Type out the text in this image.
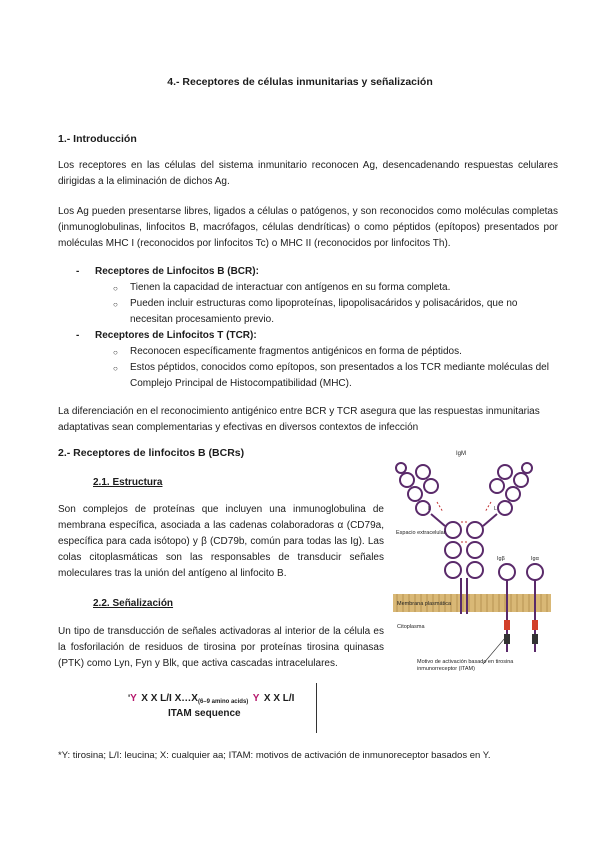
4.- Receptores de células inmunitarias y señalización
1.- Introducción
Los receptores en las células del sistema inmunitario reconocen Ag, desencadenando respuestas celulares dirigidas a la eliminación de dichos Ag.
Los Ag pueden presentarse libres, ligados a células o patógenos, y son reconocidos como moléculas completas (inmunoglobulinas, linfocitos B, macrófagos, células dendríticas) o como péptidos (epítopos) presentados por moléculas MHC I (reconocidos por linfocitos Tc) o MHC II (reconocidos por linfocitos Th).
- Receptores de Linfocitos B (BCR):
○ Tienen la capacidad de interactuar con antígenos en su forma completa.
○ Pueden incluir estructuras como lipoproteínas, lipopolisacáridos y polisacáridos, que no necesitan procesamiento previo.
- Receptores de Linfocitos T (TCR):
○ Reconocen específicamente fragmentos antigénicos en forma de péptidos.
○ Estos péptidos, conocidos como epítopos, son presentados a los TCR mediante moléculas del Complejo Principal de Histocompatibilidad (MHC).
La diferenciación en el reconocimiento antigénico entre BCR y TCR asegura que las respuestas inmunitarias adaptativas sean complementarias y efectivas en diversos contextos de infección
2.- Receptores de linfocitos B (BCRs)
2.1. Estructura
Son complejos de proteínas que incluyen una inmunoglobulina de membrana específica, asociada a las cadenas colaboradoras α (CD79a, específica para cada isótopo) y β (CD79b, común para todas las Ig). Las colas citoplasmáticas son las responsables de transducir señales moleculares tras la unión del antígeno al linfocito B.
2.2. Señalización
Un tipo de transducción de señales activadoras al interior de la célula es la fosforilación de residuos de tirosina por proteínas tirosina quinasas (PTK) como Lyn, Fyn y Blk, que activa cascadas intracelulares.
'Y X X L/I $X\dots X_{(6-9 amino acids)}$ Y X X L/I
ITAM sequence
*Y: tirosina; L/I: leucina; X: cualquier aa; ITAM: motivos de activación de inmunoreceptor basados en Y.
IgM
L	L
Espacio extracelular
Membrana plasmática
Citoplasma
Igβ	Igα
Motivo de activación basado en tirosina inmunorreceptor (ITAM)
